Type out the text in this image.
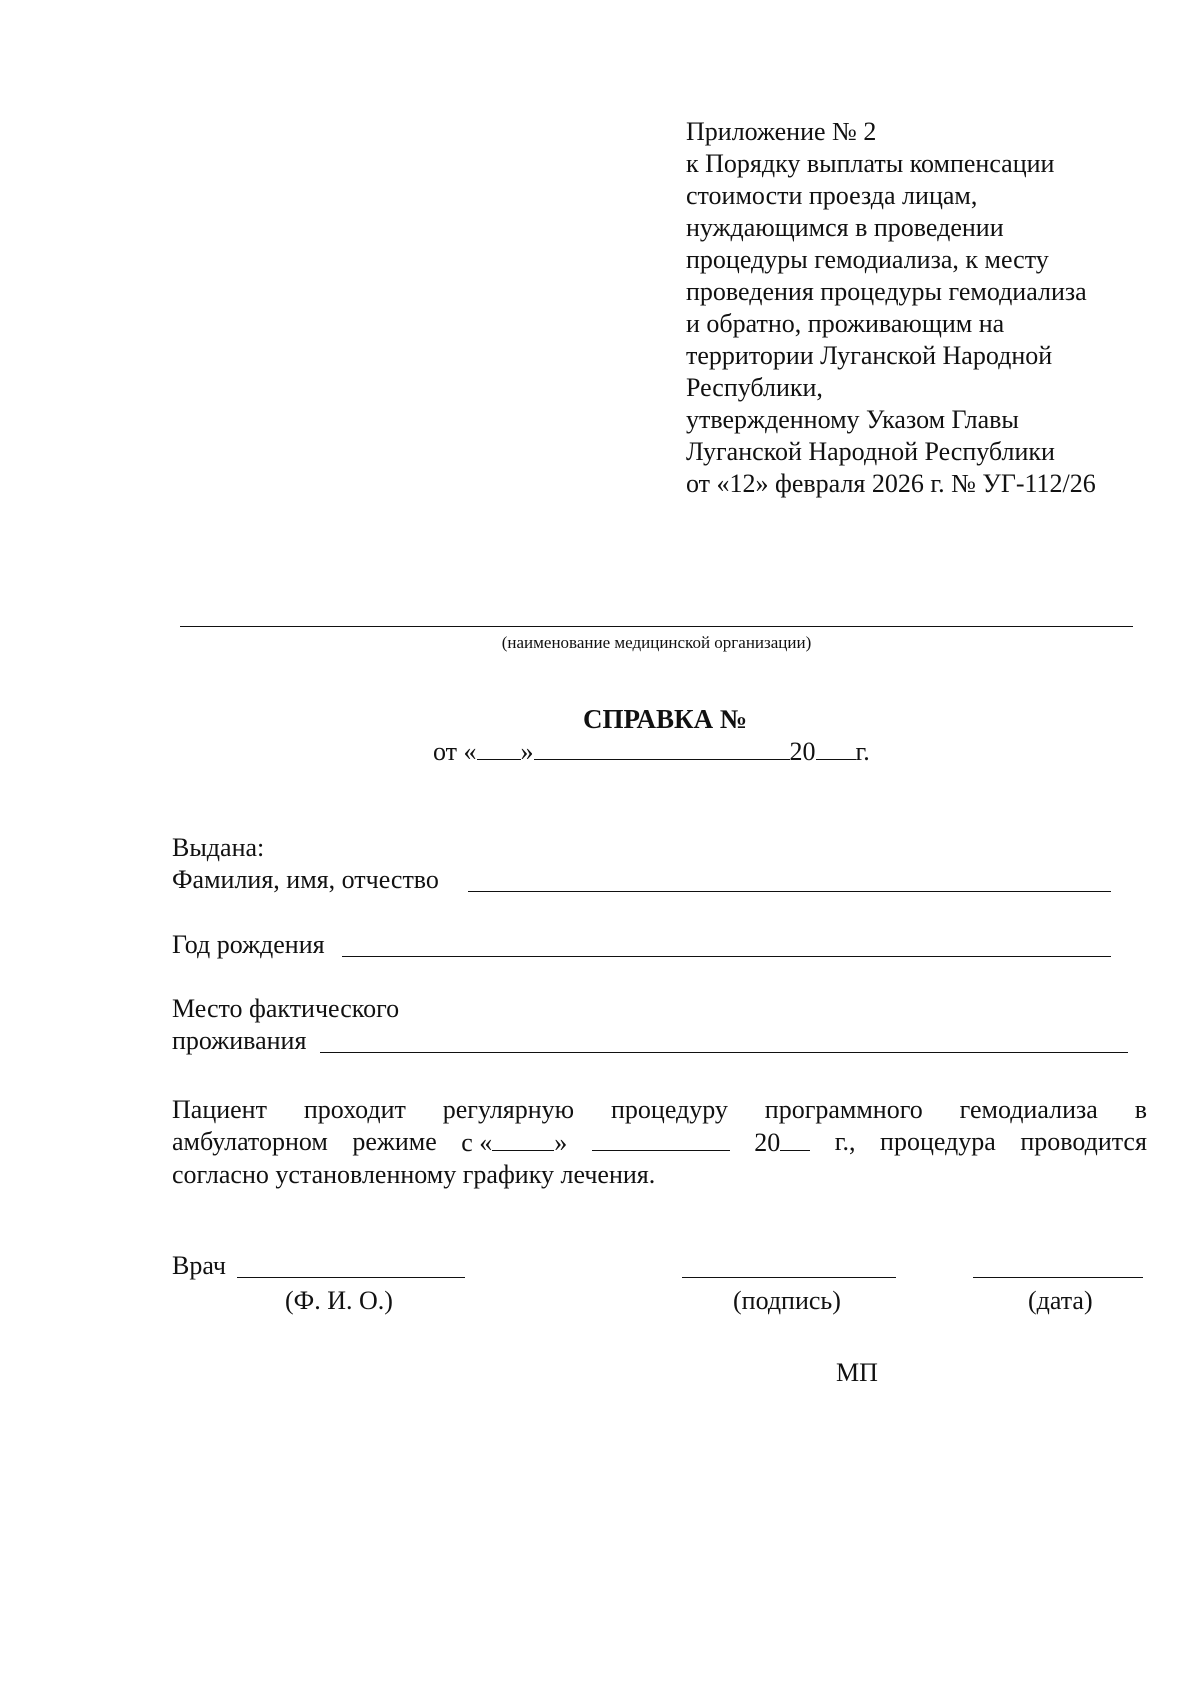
Приложение № 2
к Порядку выплаты компенсации
стоимости проезда лицам,
нуждающимся в проведении
процедуры гемодиализа, к месту
проведения процедуры гемодиализа
и обратно, проживающим на
территории Луганской Народной
Республики,
утвержденному Указом Главы
Луганской Народной Республики
от «12» февраля 2026 г. № УГ-112/26
(наименование медицинской организации)
СПРАВКА №
от « »	20 г.
Выдана:
Фамилия, имя, отчество
Год рождения
Место фактического
проживания
Пациент проходит регулярную процедуру программного гемодиализа в
амбулаторном режиме с « »	20	г., процедура проводится
согласно установленному графику лечения.
Врач
(Ф. И. О.)	(подпись)	(дата)
МП
